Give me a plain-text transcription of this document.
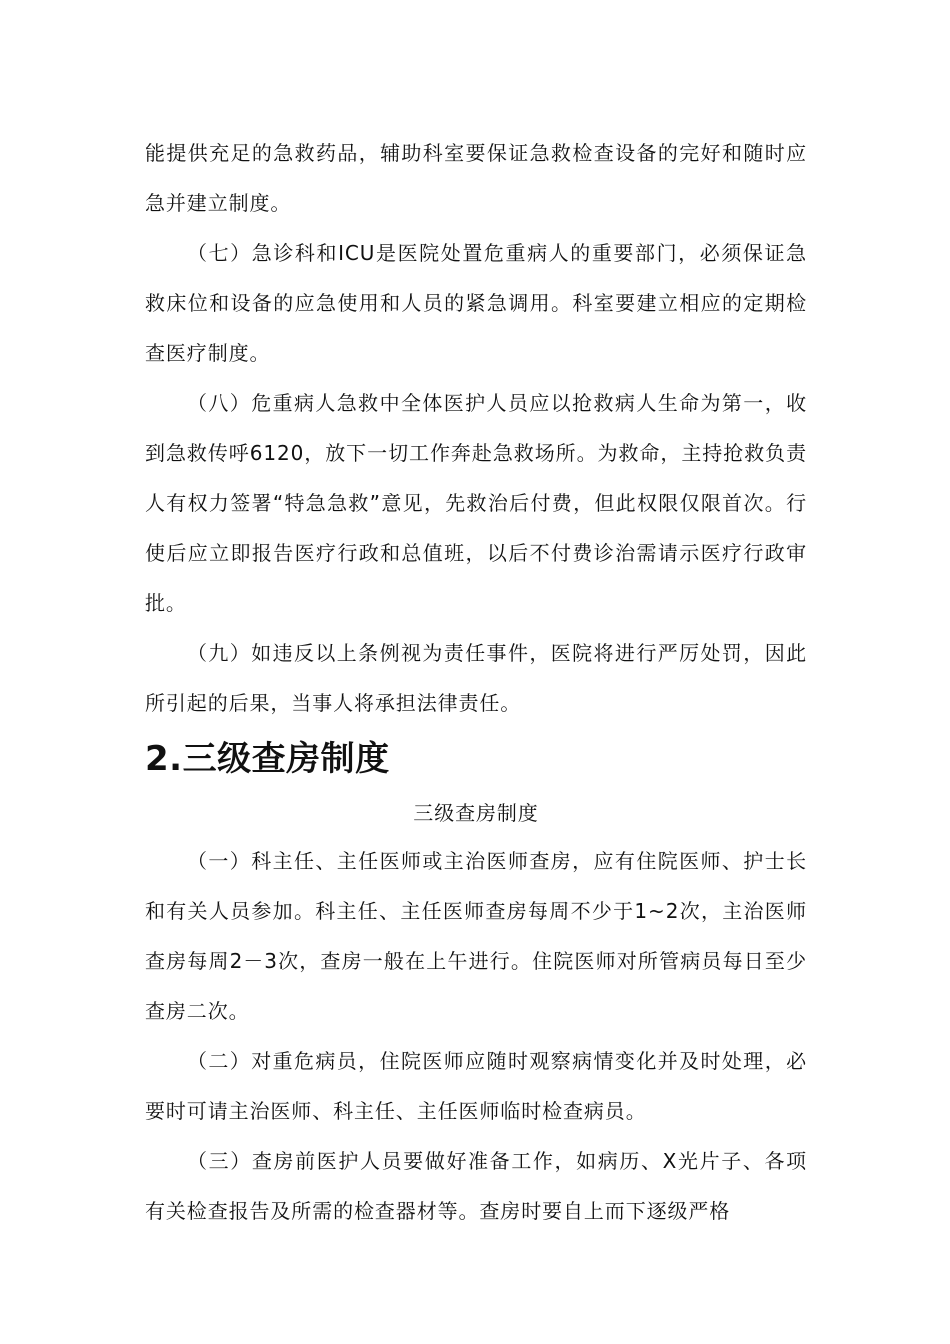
能提供充足的急救药品，辅助科室要保证急救检查设备的完好和随时应急并建立制度。

（七）急诊科和ICU是医院处置危重病人的重要部门，必须保证急救床位和设备的应急使用和人员的紧急调用。科室要建立相应的定期检查医疗制度。

（八）危重病人急救中全体医护人员应以抢救病人生命为第一，收到急救传呼6120，放下一切工作奔赴急救场所。为救命，主持抢救负责人有权力签署“特急急救”意见，先救治后付费，但此权限仅限首次。行使后应立即报告医疗行政和总值班，以后不付费诊治需请示医疗行政审批。

（九）如违反以上条例视为责任事件，医院将进行严厉处罚，因此所引起的后果，当事人将承担法律责任。

2.三级查房制度

三级查房制度

（一）科主任、主任医师或主治医师查房，应有住院医师、护士长和有关人员参加。科主任、主任医师查房每周不少于1~2次，主治医师查房每周2－3次，查房一般在上午进行。住院医师对所管病员每日至少查房二次。

（二）对重危病员，住院医师应随时观察病情变化并及时处理，必要时可请主治医师、科主任、主任医师临时检查病员。

（三）查房前医护人员要做好准备工作，如病历、X光片子、各项有关检查报告及所需的检查器材等。查房时要自上而下逐级严格
